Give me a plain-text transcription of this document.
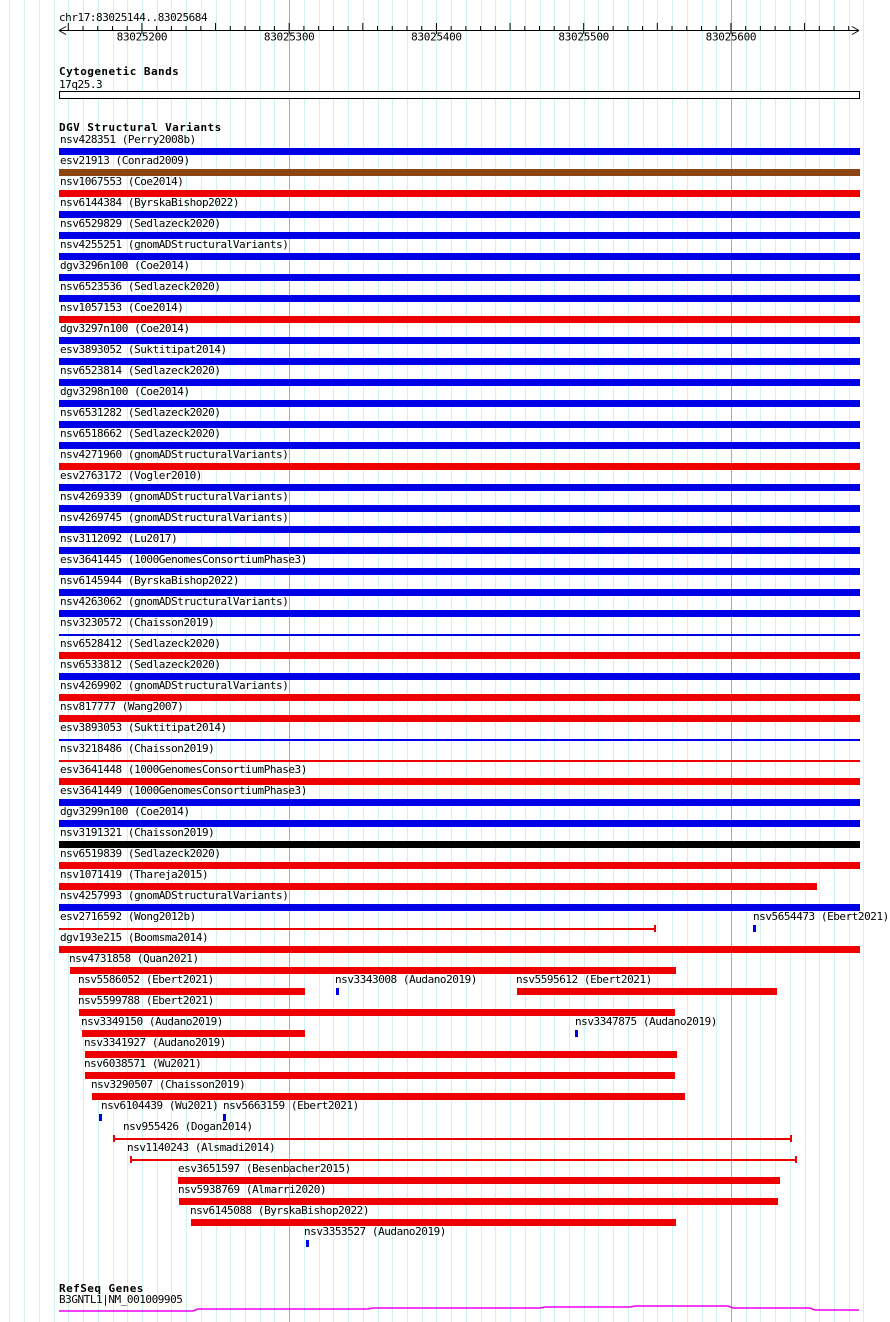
chr17:83025144..83025684
83025200	83025300	83025400	83025500	83025600
Cytogenetic Bands
17q25.3
DGV Structural Variants
nsv428351 (Perry2008b)
esv21913 (Conrad2009)
nsv1067553 (Coe2014)
nsv6144384 (ByrskaBishop2022)
nsv6529829 (Sedlazeck2020)
nsv4255251 (gnomADStructuralVariants)
dgv3296n100 (Coe2014)
nsv6523536 (Sedlazeck2020)
nsv1057153 (Coe2014)
dgv3297n100 (Coe2014)
esv3893052 (Suktitipat2014)
nsv6523814 (Sedlazeck2020)
dgv3298n100 (Coe2014)
nsv6531282 (Sedlazeck2020)
nsv6518662 (Sedlazeck2020)
nsv4271960 (gnomADStructuralVariants)
esv2763172 (Vogler2010)
nsv4269339 (gnomADStructuralVariants)
nsv4269745 (gnomADStructuralVariants)
nsv3112092 (Lu2017)
esv3641445 (1000GenomesConsortiumPhase3)
nsv6145944 (ByrskaBishop2022)
nsv4263062 (gnomADStructuralVariants)
nsv3230572 (Chaisson2019)
nsv6528412 (Sedlazeck2020)
nsv6533812 (Sedlazeck2020)
nsv4269902 (gnomADStructuralVariants)
nsv817777 (Wang2007)
esv3893053 (Suktitipat2014)
nsv3218486 (Chaisson2019)
esv3641448 (1000GenomesConsortiumPhase3)
esv3641449 (1000GenomesConsortiumPhase3)
dgv3299n100 (Coe2014)
nsv3191321 (Chaisson2019)
nsv6519839 (Sedlazeck2020)
nsv1071419 (Thareja2015)
nsv4257993 (gnomADStructuralVariants)
esv2716592 (Wong2012b)	nsv5654473 (Ebert2021)
dgv193e215 (Boomsma2014)
nsv4731858 (Quan2021)
nsv5586052 (Ebert2021)	nsv3343008 (Audano2019)	nsv5595612 (Ebert2021)
nsv5599788 (Ebert2021)
nsv3349150 (Audano2019)	nsv3347875 (Audano2019)
nsv3341927 (Audano2019)
nsv6038571 (Wu2021)
nsv3290507 (Chaisson2019)
nsv6104439 (Wu2021) nsv5663159 (Ebert2021)
nsv955426 (Dogan2014)
nsv1140243 (Alsmadi2014)
esv3651597 (Besenbacher2015)
nsv5938769 (Almarri2020)
nsv6145088 (ByrskaBishop2022)
nsv3353527 (Audano2019)
RefSeq Genes
B3GNTL1|NM_001009905
